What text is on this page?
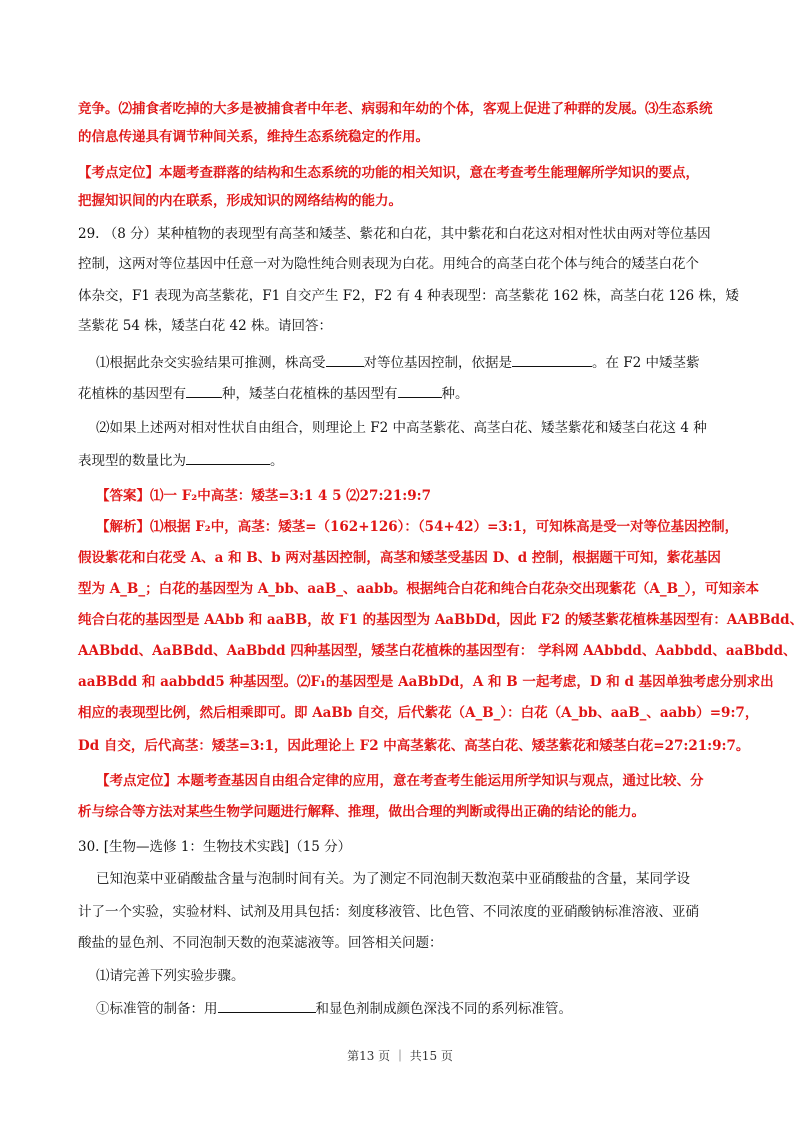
竞争。⑵捕食者吃掉的大多是被捕食者中年老、病弱和年幼的个体，客观上促进了种群的发展。⑶生态系统
的信息传递具有调节种间关系，维持生态系统稳定的作用。
【考点定位】本题考查群落的结构和生态系统的功能的相关知识，意在考查考生能理解所学知识的要点，
把握知识间的内在联系，形成知识的网络结构的能力。
29. （8 分）某种植物的表现型有高茎和矮茎、紫花和白花，其中紫花和白花这对相对性状由两对等位基因
控制，这两对等位基因中任意一对为隐性纯合则表现为白花。用纯合的高茎白花个体与纯合的矮茎白花个
体杂交，F1 表现为高茎紫花，F1 自交产生 F2，F2 有 4 种表现型：高茎紫花 162 株，高茎白花 126 株，矮
茎紫花 54 株，矮茎白花 42 株。请回答：
⑴根据此杂交实验结果可推测，株高受	对等位基因控制，依据是	。在 F2 中矮茎紫
花植株的基因型有	种，矮茎白花植株的基因型有	种。
⑵如果上述两对相对性状自由组合，则理论上 F2 中高茎紫花、高茎白花、矮茎紫花和矮茎白花这 4 种
表现型的数量比为	。
【答案】⑴一 F₂中高茎：矮茎=3:1 4 5 ⑵27:21:9:7
【解析】⑴根据 F₂中，高茎：矮茎=（162+126）：（54+42）=3:1，可知株高是受一对等位基因控制，
假设紫花和白花受 A、a 和 B、b 两对基因控制，高茎和矮茎受基因 D、d 控制，根据题干可知，紫花基因
型为 A_B_；白花的基因型为 A_bb、aaB_、aabb。根据纯合白花和纯合白花杂交出现紫花（A_B_），可知亲本
纯合白花的基因型是 AAbb 和 aaBB，故 F1 的基因型为 AaBbDd，因此 F2 的矮茎紫花植株基因型有：AABBdd、
AABbdd、AaBBdd、AaBbdd 四种基因型，矮茎白花植株的基因型有： 学科网 AAbbdd、Aabbdd、aaBbdd、
aaBBdd 和 aabbdd5 种基因型。⑵F₁的基因型是 AaBbDd，A 和 B 一起考虑，D 和 d 基因单独考虑分别求出
相应的表现型比例，然后相乘即可。即 AaBb 自交，后代紫花（A_B_）：白花（A_bb、aaB_、aabb）=9:7，
Dd 自交，后代高茎：矮茎=3:1，因此理论上 F2 中高茎紫花、高茎白花、矮茎紫花和矮茎白花=27:21:9:7。
【考点定位】本题考查基因自由组合定律的应用，意在考查考生能运用所学知识与观点，通过比较、分
析与综合等方法对某些生物学问题进行解释、推理，做出合理的判断或得出正确的结论的能力。
30. [生物—选修 1：生物技术实践]（15 分）
已知泡菜中亚硝酸盐含量与泡制时间有关。为了测定不同泡制天数泡菜中亚硝酸盐的含量，某同学设
计了一个实验，实验材料、试剂及用具包括：刻度移液管、比色管、不同浓度的亚硝酸钠标准溶液、亚硝
酸盐的显色剂、不同泡制天数的泡菜滤液等。回答相关问题：
⑴请完善下列实验步骤。
①标准管的制备：用	和显色剂制成颜色深浅不同的系列标准管。
第13 页 ｜ 共15 页
